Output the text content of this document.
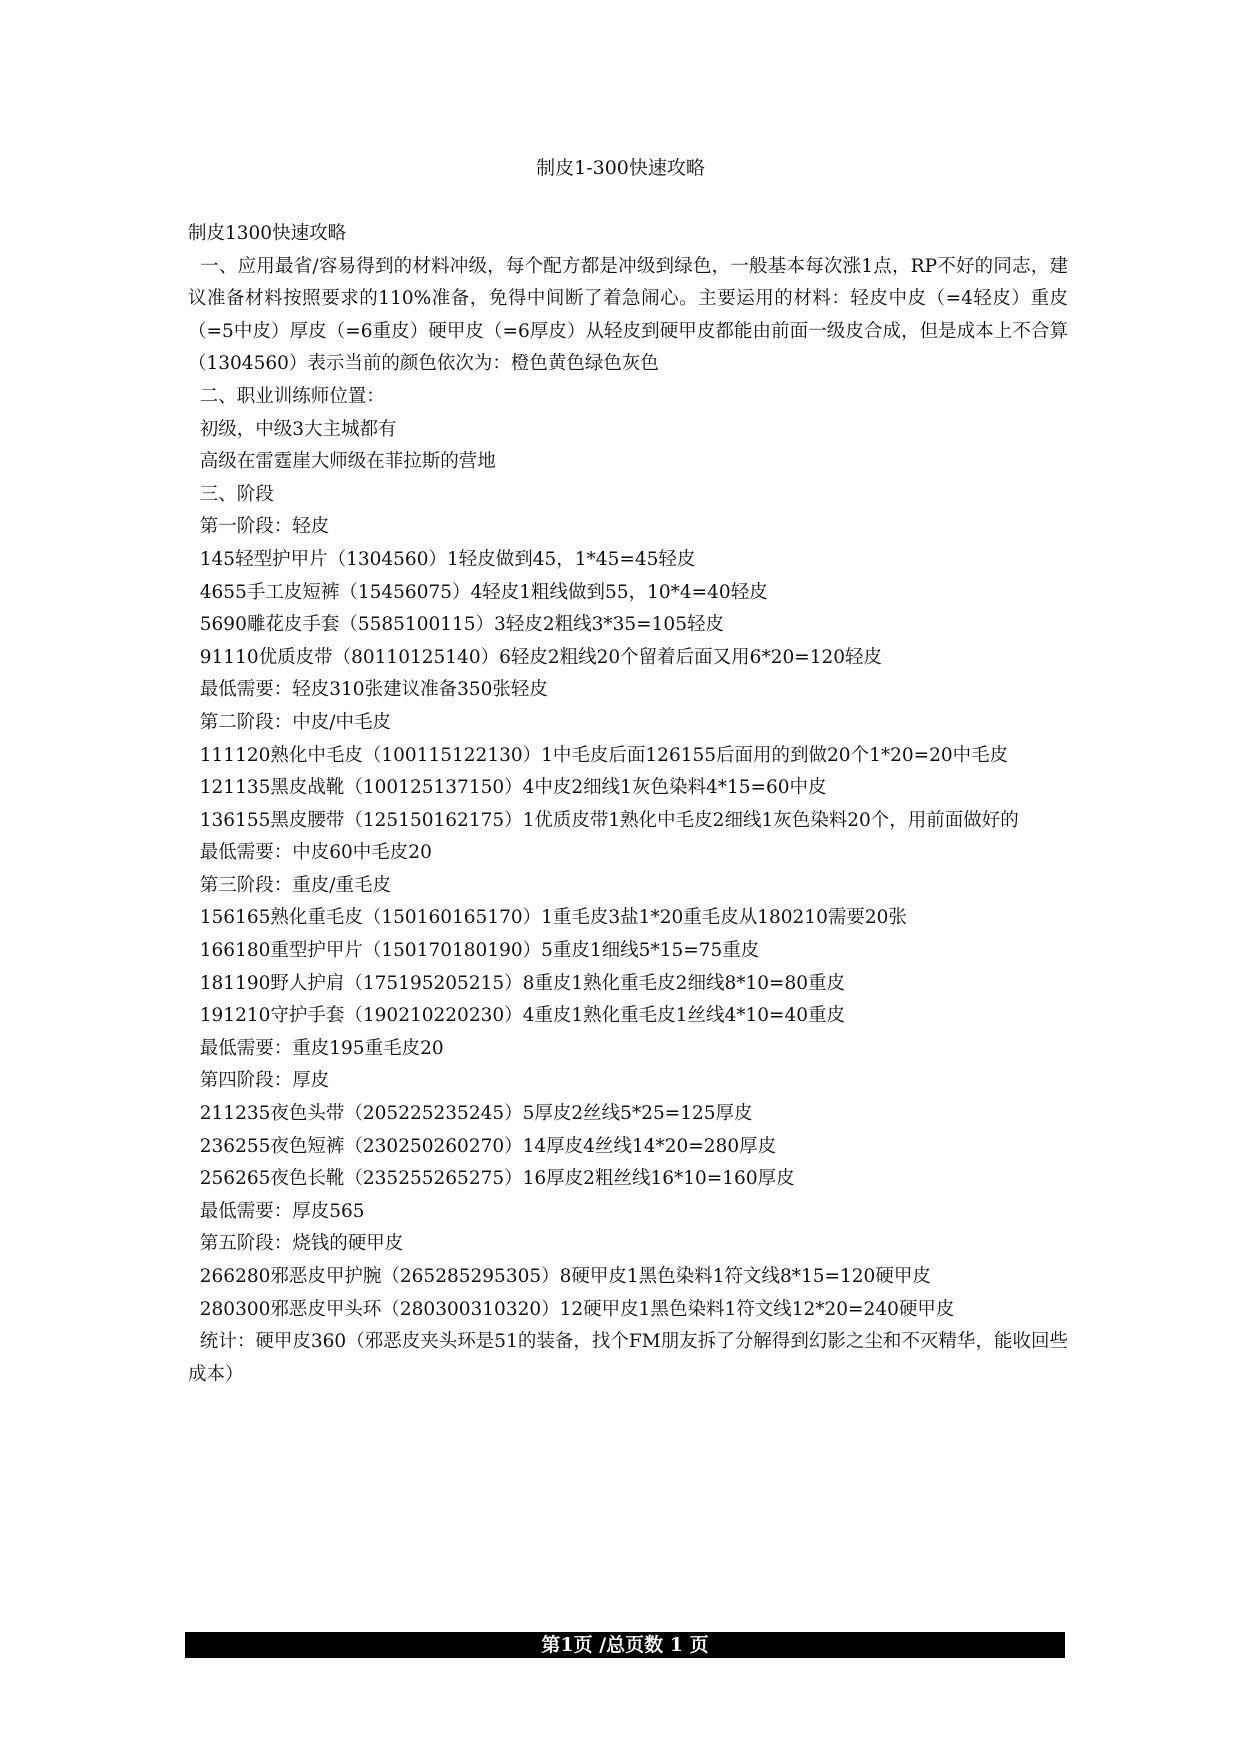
制皮1-300快速攻略

制皮1300快速攻略

一、应用最省/容易得到的材料冲级，每个配方都是冲级到绿色，一般基本每次涨1点，RP不好的同志，建议准备材料按照要求的110%准备，免得中间断了着急闹心。主要运用的材料：轻皮中皮（=4轻皮）重皮（=5中皮）厚皮（=6重皮）硬甲皮（=6厚皮）从轻皮到硬甲皮都能由前面一级皮合成，但是成本上不合算（1304560）表示当前的颜色依次为：橙色黄色绿色灰色

二、职业训练师位置：

初级，中级3大主城都有

高级在雷霆崖大师级在菲拉斯的营地

三、阶段

第一阶段：轻皮

145轻型护甲片（1304560）1轻皮做到45，1*45=45轻皮

4655手工皮短裤（15456075）4轻皮1粗线做到55，10*4=40轻皮

5690雕花皮手套（5585100115）3轻皮2粗线3*35=105轻皮

91110优质皮带（80110125140）6轻皮2粗线20个留着后面又用6*20=120轻皮

最低需要：轻皮310张建议准备350张轻皮

第二阶段：中皮/中毛皮

111120熟化中毛皮（100115122130）1中毛皮后面126155后面用的到做20个1*20=20中毛皮

121135黑皮战靴（100125137150）4中皮2细线1灰色染料4*15=60中皮

136155黑皮腰带（125150162175）1优质皮带1熟化中毛皮2细线1灰色染料20个，用前面做好的

最低需要：中皮60中毛皮20

第三阶段：重皮/重毛皮

156165熟化重毛皮（150160165170）1重毛皮3盐1*20重毛皮从180210需要20张

166180重型护甲片（150170180190）5重皮1细线5*15=75重皮

181190野人护肩（175195205215）8重皮1熟化重毛皮2细线8*10=80重皮

191210守护手套（190210220230）4重皮1熟化重毛皮1丝线4*10=40重皮

最低需要：重皮195重毛皮20

第四阶段：厚皮

211235夜色头带（205225235245）5厚皮2丝线5*25=125厚皮

236255夜色短裤（230250260270）14厚皮4丝线14*20=280厚皮

256265夜色长靴（235255265275）16厚皮2粗丝线16*10=160厚皮

最低需要：厚皮565

第五阶段：烧钱的硬甲皮

266280邪恶皮甲护腕（265285295305）8硬甲皮1黑色染料1符文线8*15=120硬甲皮

280300邪恶皮甲头环（280300310320）12硬甲皮1黑色染料1符文线12*20=240硬甲皮

统计：硬甲皮360（邪恶皮夹头环是51的装备，找个FM朋友拆了分解得到幻影之尘和不灭精华，能收回些成本）

第1页 /总页数 1 页
